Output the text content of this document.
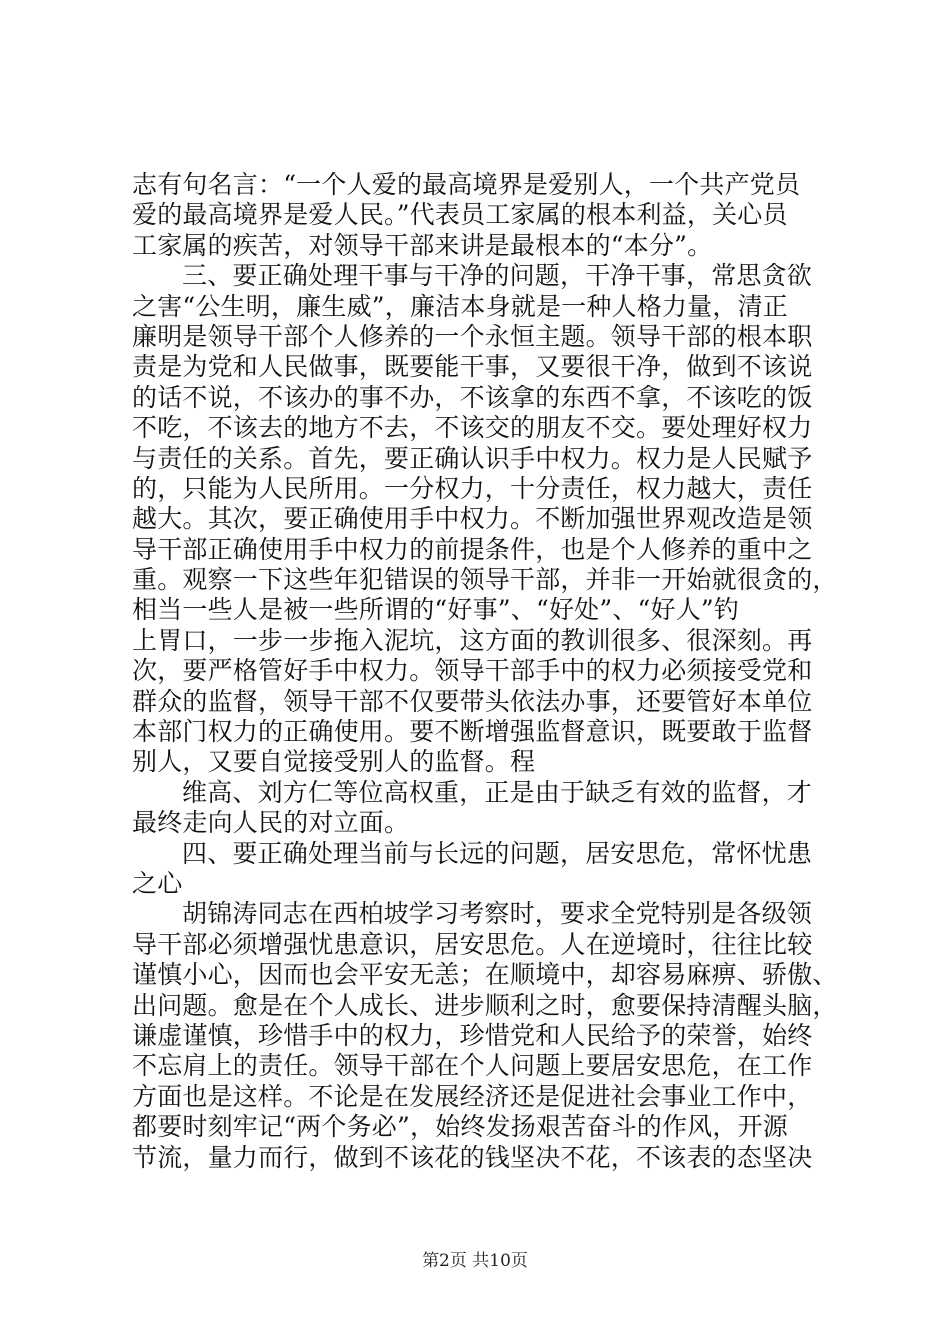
志有句名言：“一个人爱的最高境界是爱别人，一个共产党员
爱的最高境界是爱人民。”代表员工家属的根本利益，关心员
工家属的疾苦，对领导干部来讲是最根本的“本分”。
三、要正确处理干事与干净的问题，干净干事，常思贪欲
之害“公生明，廉生威”，廉洁本身就是一种人格力量，清正
廉明是领导干部个人修养的一个永恒主题。领导干部的根本职
责是为党和人民做事，既要能干事，又要很干净，做到不该说
的话不说，不该办的事不办，不该拿的东西不拿，不该吃的饭
不吃，不该去的地方不去，不该交的朋友不交。要处理好权力
与责任的关系。首先，要正确认识手中权力。权力是人民赋予
的，只能为人民所用。一分权力，十分责任，权力越大，责任
越大。其次，要正确使用手中权力。不断加强世界观改造是领
导干部正确使用手中权力的前提条件，也是个人修养的重中之
重。观察一下这些年犯错误的领导干部，并非一开始就很贪的，
相当一些人是被一些所谓的“好事”、“好处”、“好人”钓
上胃口，一步一步拖入泥坑，这方面的教训很多、很深刻。再
次，要严格管好手中权力。领导干部手中的权力必须接受党和
群众的监督，领导干部不仅要带头依法办事，还要管好本单位
本部门权力的正确使用。要不断增强监督意识，既要敢于监督
别人，又要自觉接受别人的监督。程
维高、刘方仁等位高权重，正是由于缺乏有效的监督，才
最终走向人民的对立面。
四、要正确处理当前与长远的问题，居安思危，常怀忧患
之心
胡锦涛同志在西柏坡学习考察时，要求全党特别是各级领
导干部必须增强忧患意识，居安思危。人在逆境时，往往比较
谨慎小心，因而也会平安无恙；在顺境中，却容易麻痹、骄傲、
出问题。愈是在个人成长、进步顺利之时，愈要保持清醒头脑，
谦虚谨慎，珍惜手中的权力，珍惜党和人民给予的荣誉，始终
不忘肩上的责任。领导干部在个人问题上要居安思危，在工作
方面也是这样。不论是在发展经济还是促进社会事业工作中，
都要时刻牢记“两个务必”，始终发扬艰苦奋斗的作风，开源
节流，量力而行，做到不该花的钱坚决不花，不该表的态坚决
第2页 共10页
